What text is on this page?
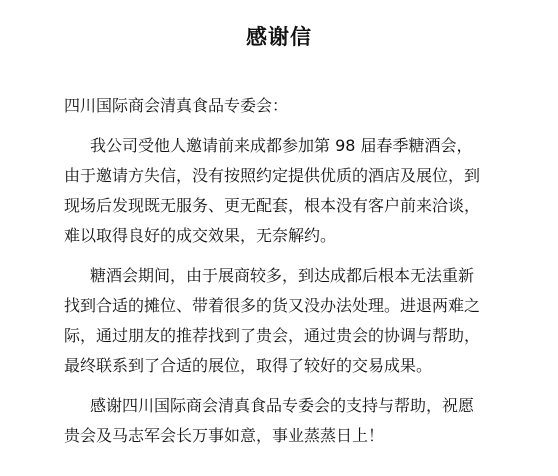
感谢信
四川国际商会清真食品专委会：
我公司受他人邀请前来成都参加第 98 届春季糖酒会，
由于邀请方失信，没有按照约定提供优质的酒店及展位，到
现场后发现既无服务、更无配套，根本没有客户前来洽谈，
难以取得良好的成交效果，无奈解约。
糖酒会期间，由于展商较多，到达成都后根本无法重新
找到合适的摊位、带着很多的货又没办法处理。进退两难之
际，通过朋友的推荐找到了贵会，通过贵会的协调与帮助，
最终联系到了合适的展位，取得了较好的交易成果。
感谢四川国际商会清真食品专委会的支持与帮助，祝愿
贵会及马志军会长万事如意，事业蒸蒸日上！
